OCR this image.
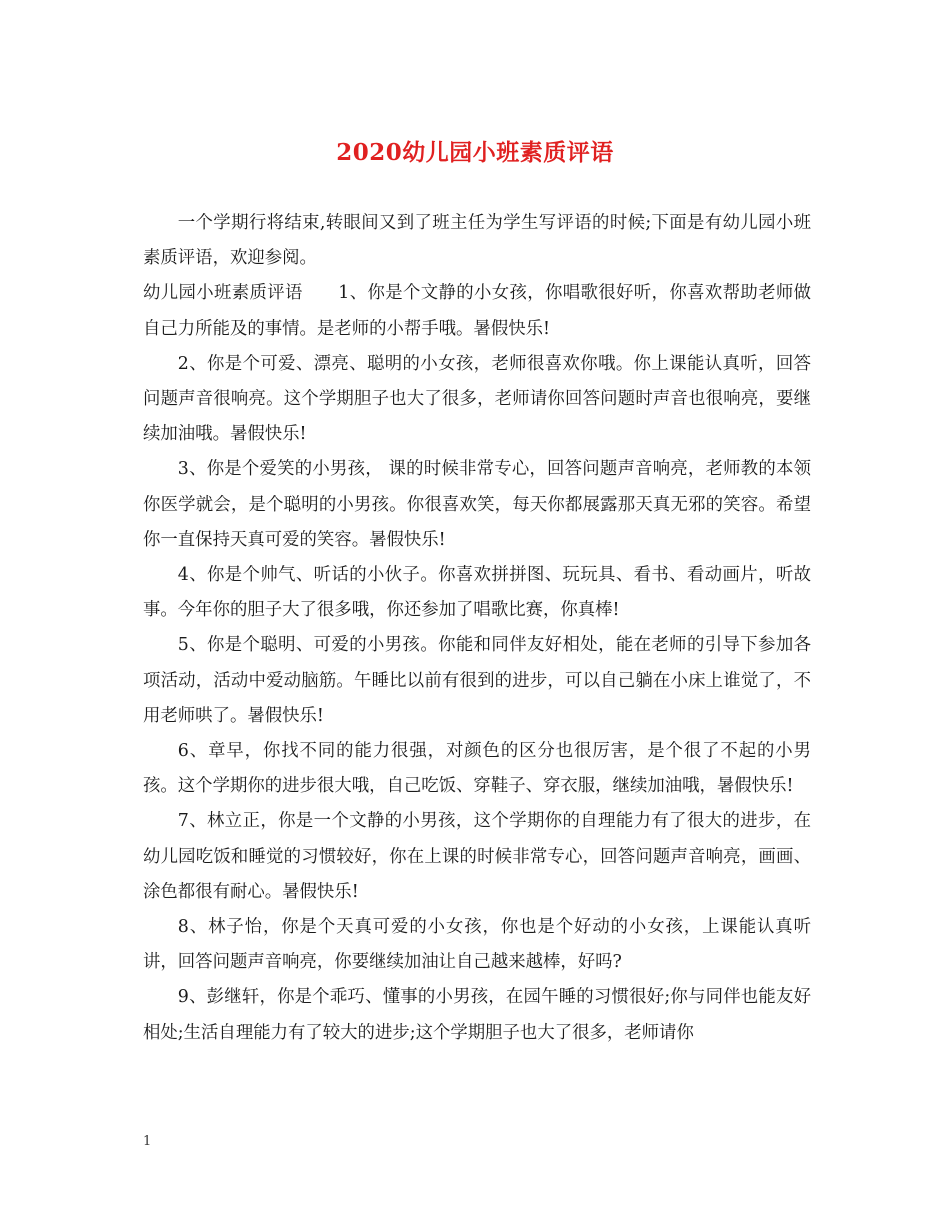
2020幼儿园小班素质评语

一个学期行将结束,转眼间又到了班主任为学生写评语的时候;下面是有幼儿园小班素质评语，欢迎参阅。

幼儿园小班素质评语　　1、你是个文静的小女孩，你唱歌很好听，你喜欢帮助老师做自己力所能及的事情。是老师的小帮手哦。暑假快乐!

2、你是个可爱、漂亮、聪明的小女孩，老师很喜欢你哦。你上课能认真听，回答问题声音很响亮。这个学期胆子也大了很多，老师请你回答问题时声音也很响亮，要继续加油哦。暑假快乐!

3、你是个爱笑的小男孩， 课的时候非常专心，回答问题声音响亮，老师教的本领你医学就会，是个聪明的小男孩。你很喜欢笑，每天你都展露那天真无邪的笑容。希望你一直保持天真可爱的笑容。暑假快乐!

4、你是个帅气、听话的小伙子。你喜欢拼拼图、玩玩具、看书、看动画片，听故事。今年你的胆子大了很多哦，你还参加了唱歌比赛，你真棒!

5、你是个聪明、可爱的小男孩。你能和同伴友好相处，能在老师的引导下参加各项活动，活动中爱动脑筋。午睡比以前有很到的进步，可以自己躺在小床上谁觉了，不用老师哄了。暑假快乐!

6、章早，你找不同的能力很强，对颜色的区分也很厉害，是个很了不起的小男孩。这个学期你的进步很大哦，自己吃饭、穿鞋子、穿衣服，继续加油哦，暑假快乐!

7、林立正，你是一个文静的小男孩，这个学期你的自理能力有了很大的进步，在幼儿园吃饭和睡觉的习惯较好，你在上课的时候非常专心，回答问题声音响亮，画画、涂色都很有耐心。暑假快乐!

8、林子怡，你是个天真可爱的小女孩，你也是个好动的小女孩，上课能认真听讲，回答问题声音响亮，你要继续加油让自己越来越棒，好吗?

9、彭继轩，你是个乖巧、懂事的小男孩，在园午睡的习惯很好;你与同伴也能友好相处;生活自理能力有了较大的进步;这个学期胆子也大了很多，老师请你

1
